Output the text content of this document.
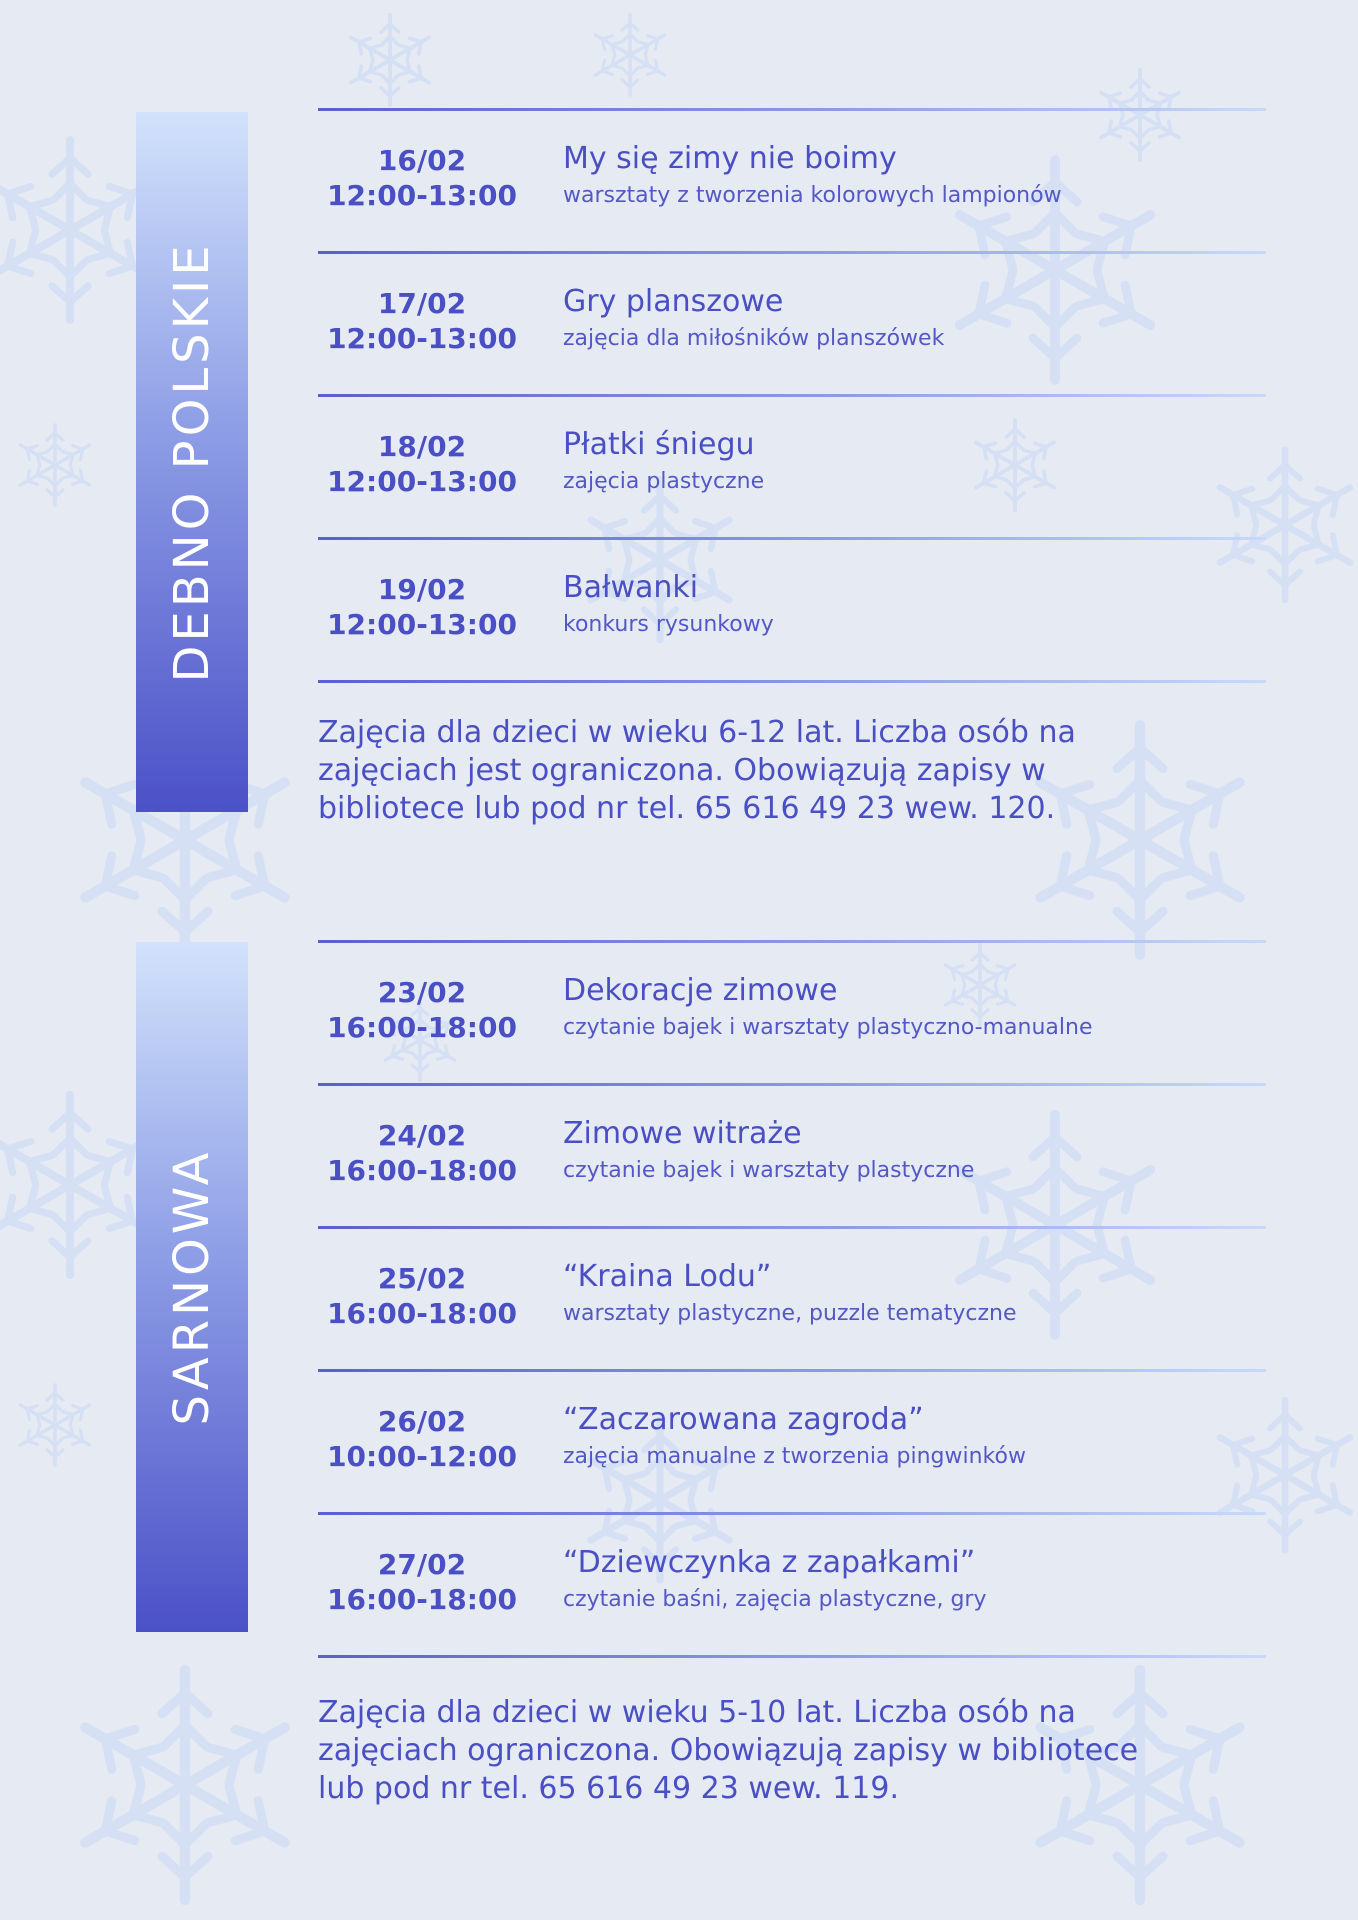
DEBNO POLSKIE
16/02
12:00-13:00
My się zimy nie boimy
warsztaty z tworzenia kolorowych lampionów
17/02
12:00-13:00
Gry planszowe
zajęcia dla miłośników planszówek
18/02
12:00-13:00
Płatki śniegu
zajęcia plastyczne
19/02
12:00-13:00
Bałwanki
konkurs rysunkowy
Zajęcia dla dzieci w wieku 6-12 lat. Liczba osób na
zajęciach jest ograniczona. Obowiązują zapisy w
bibliotece lub pod nr tel. 65 616 49 23 wew. 120.
SARNOWA
23/02
16:00-18:00
Dekoracje zimowe
czytanie bajek i warsztaty plastyczno-manualne
24/02
16:00-18:00
Zimowe witraże
czytanie bajek i warsztaty plastyczne
25/02
16:00-18:00
“Kraina Lodu”
warsztaty plastyczne, puzzle tematyczne
26/02
10:00-12:00
“Zaczarowana zagroda”
zajęcia manualne z tworzenia pingwinków
27/02
16:00-18:00
“Dziewczynka z zapałkami”
czytanie baśni, zajęcia plastyczne, gry
Zajęcia dla dzieci w wieku 5-10 lat. Liczba osób na
zajęciach ograniczona. Obowiązują zapisy w bibliotece
lub pod nr tel. 65 616 49 23 wew. 119.
